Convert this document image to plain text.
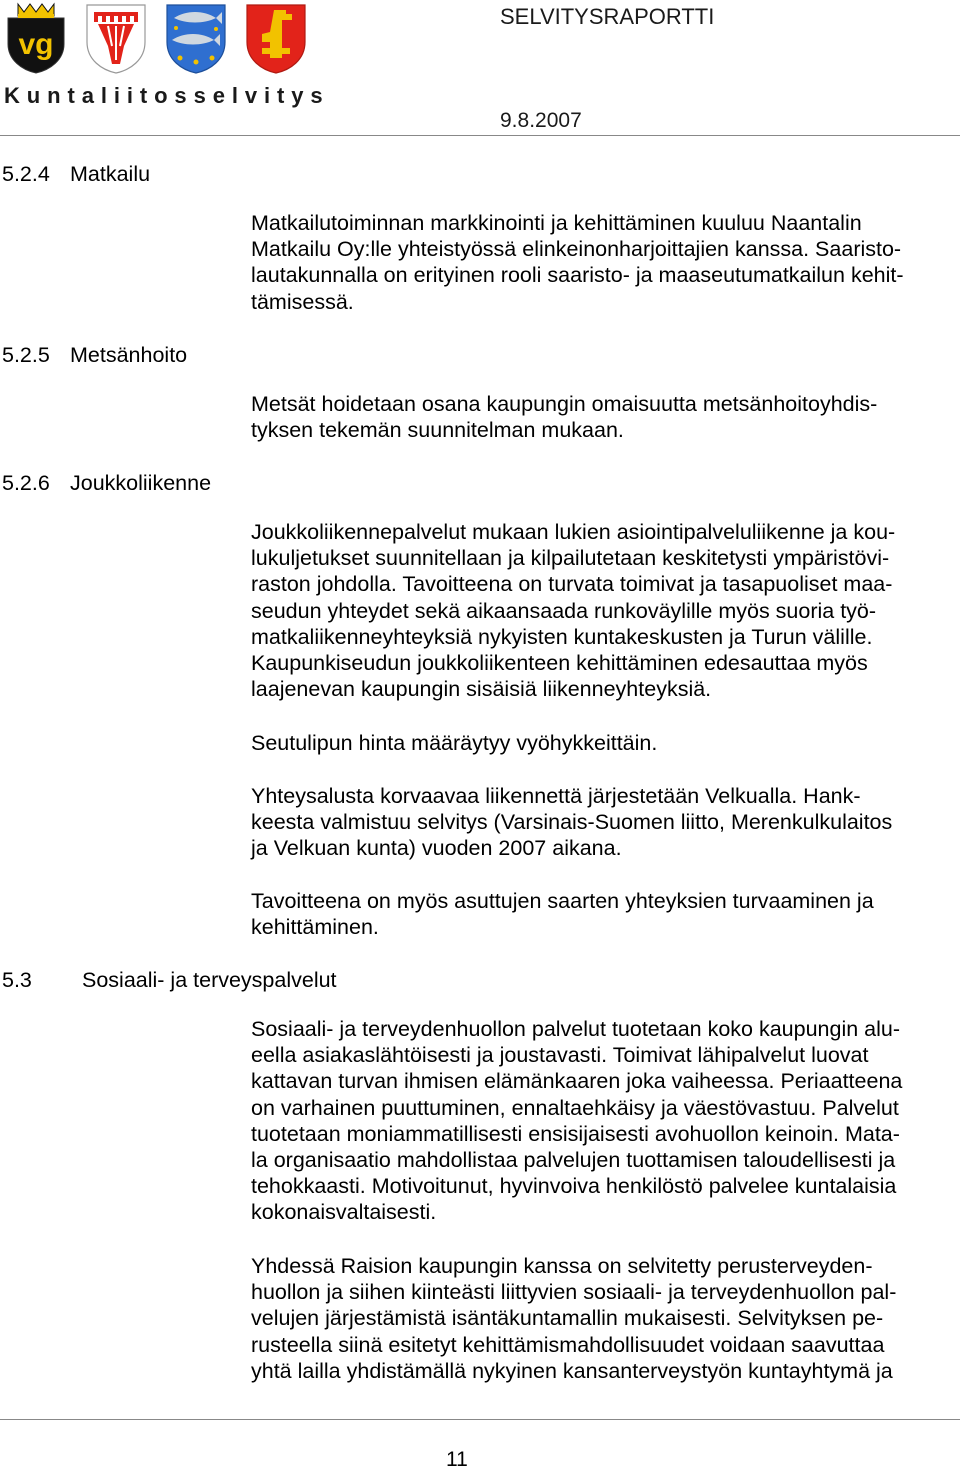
vg
Kuntaliitosselvitys
SELVITYSRAPORTTI
9.8.2007
5.2.4 Matkailu
5.2.5 Metsänhoito
5.2.6 Joukkoliikenne
5.3 Sosiaali- ja terveyspalvelut
Matkailutoiminnan markkinointi ja kehittäminen kuuluu Naantalin
Matkailu Oy:lle yhteistyössä elinkeinonharjoittajien kanssa. Saaristo-
lautakunnalla on erityinen rooli saaristo- ja maaseutumatkailun kehit-
tämisessä.
Metsät hoidetaan osana kaupungin omaisuutta metsänhoitoyhdis-
tyksen tekemän suunnitelman mukaan.
Joukkoliikennepalvelut mukaan lukien asiointipalveluliikenne ja kou-
lukuljetukset suunnitellaan ja kilpailutetaan keskitetysti ympäristövi-
raston johdolla. Tavoitteena on turvata toimivat ja tasapuoliset maa-
seudun yhteydet sekä aikaansaada runkoväylille myös suoria työ-
matkaliikenneyhteyksiä nykyisten kuntakeskusten ja Turun välille.
Kaupunkiseudun joukkoliikenteen kehittäminen edesauttaa myös
laajenevan kaupungin sisäisiä liikenneyhteyksiä.
Seutulipun hinta määräytyy vyöhykkeittäin.
Yhteysalusta korvaavaa liikennettä järjestetään Velkualla. Hank-
keesta valmistuu selvitys (Varsinais-Suomen liitto, Merenkulkulaitos
ja Velkuan kunta) vuoden 2007 aikana.
Tavoitteena on myös asuttujen saarten yhteyksien turvaaminen ja
kehittäminen.
Sosiaali- ja terveydenhuollon palvelut tuotetaan koko kaupungin alu-
eella asiakaslähtöisesti ja joustavasti. Toimivat lähipalvelut luovat
kattavan turvan ihmisen elämänkaaren joka vaiheessa. Periaatteena
on varhainen puuttuminen, ennaltaehkäisy ja väestövastuu. Palvelut
tuotetaan moniammatillisesti ensisijaisesti avohuollon keinoin. Mata-
la organisaatio mahdollistaa palvelujen tuottamisen taloudellisesti ja
tehokkaasti. Motivoitunut, hyvinvoiva henkilöstö palvelee kuntalaisia
kokonaisvaltaisesti.
Yhdessä Raision kaupungin kanssa on selvitetty perusterveyden-
huollon ja siihen kiinteästi liittyvien sosiaali- ja terveydenhuollon pal-
velujen järjestämistä isäntäkuntamallin mukaisesti. Selvityksen pe-
rusteella siinä esitetyt kehittämismahdollisuudet voidaan saavuttaa
yhtä lailla yhdistämällä nykyinen kansanterveystyön kuntayhtymä ja
11
